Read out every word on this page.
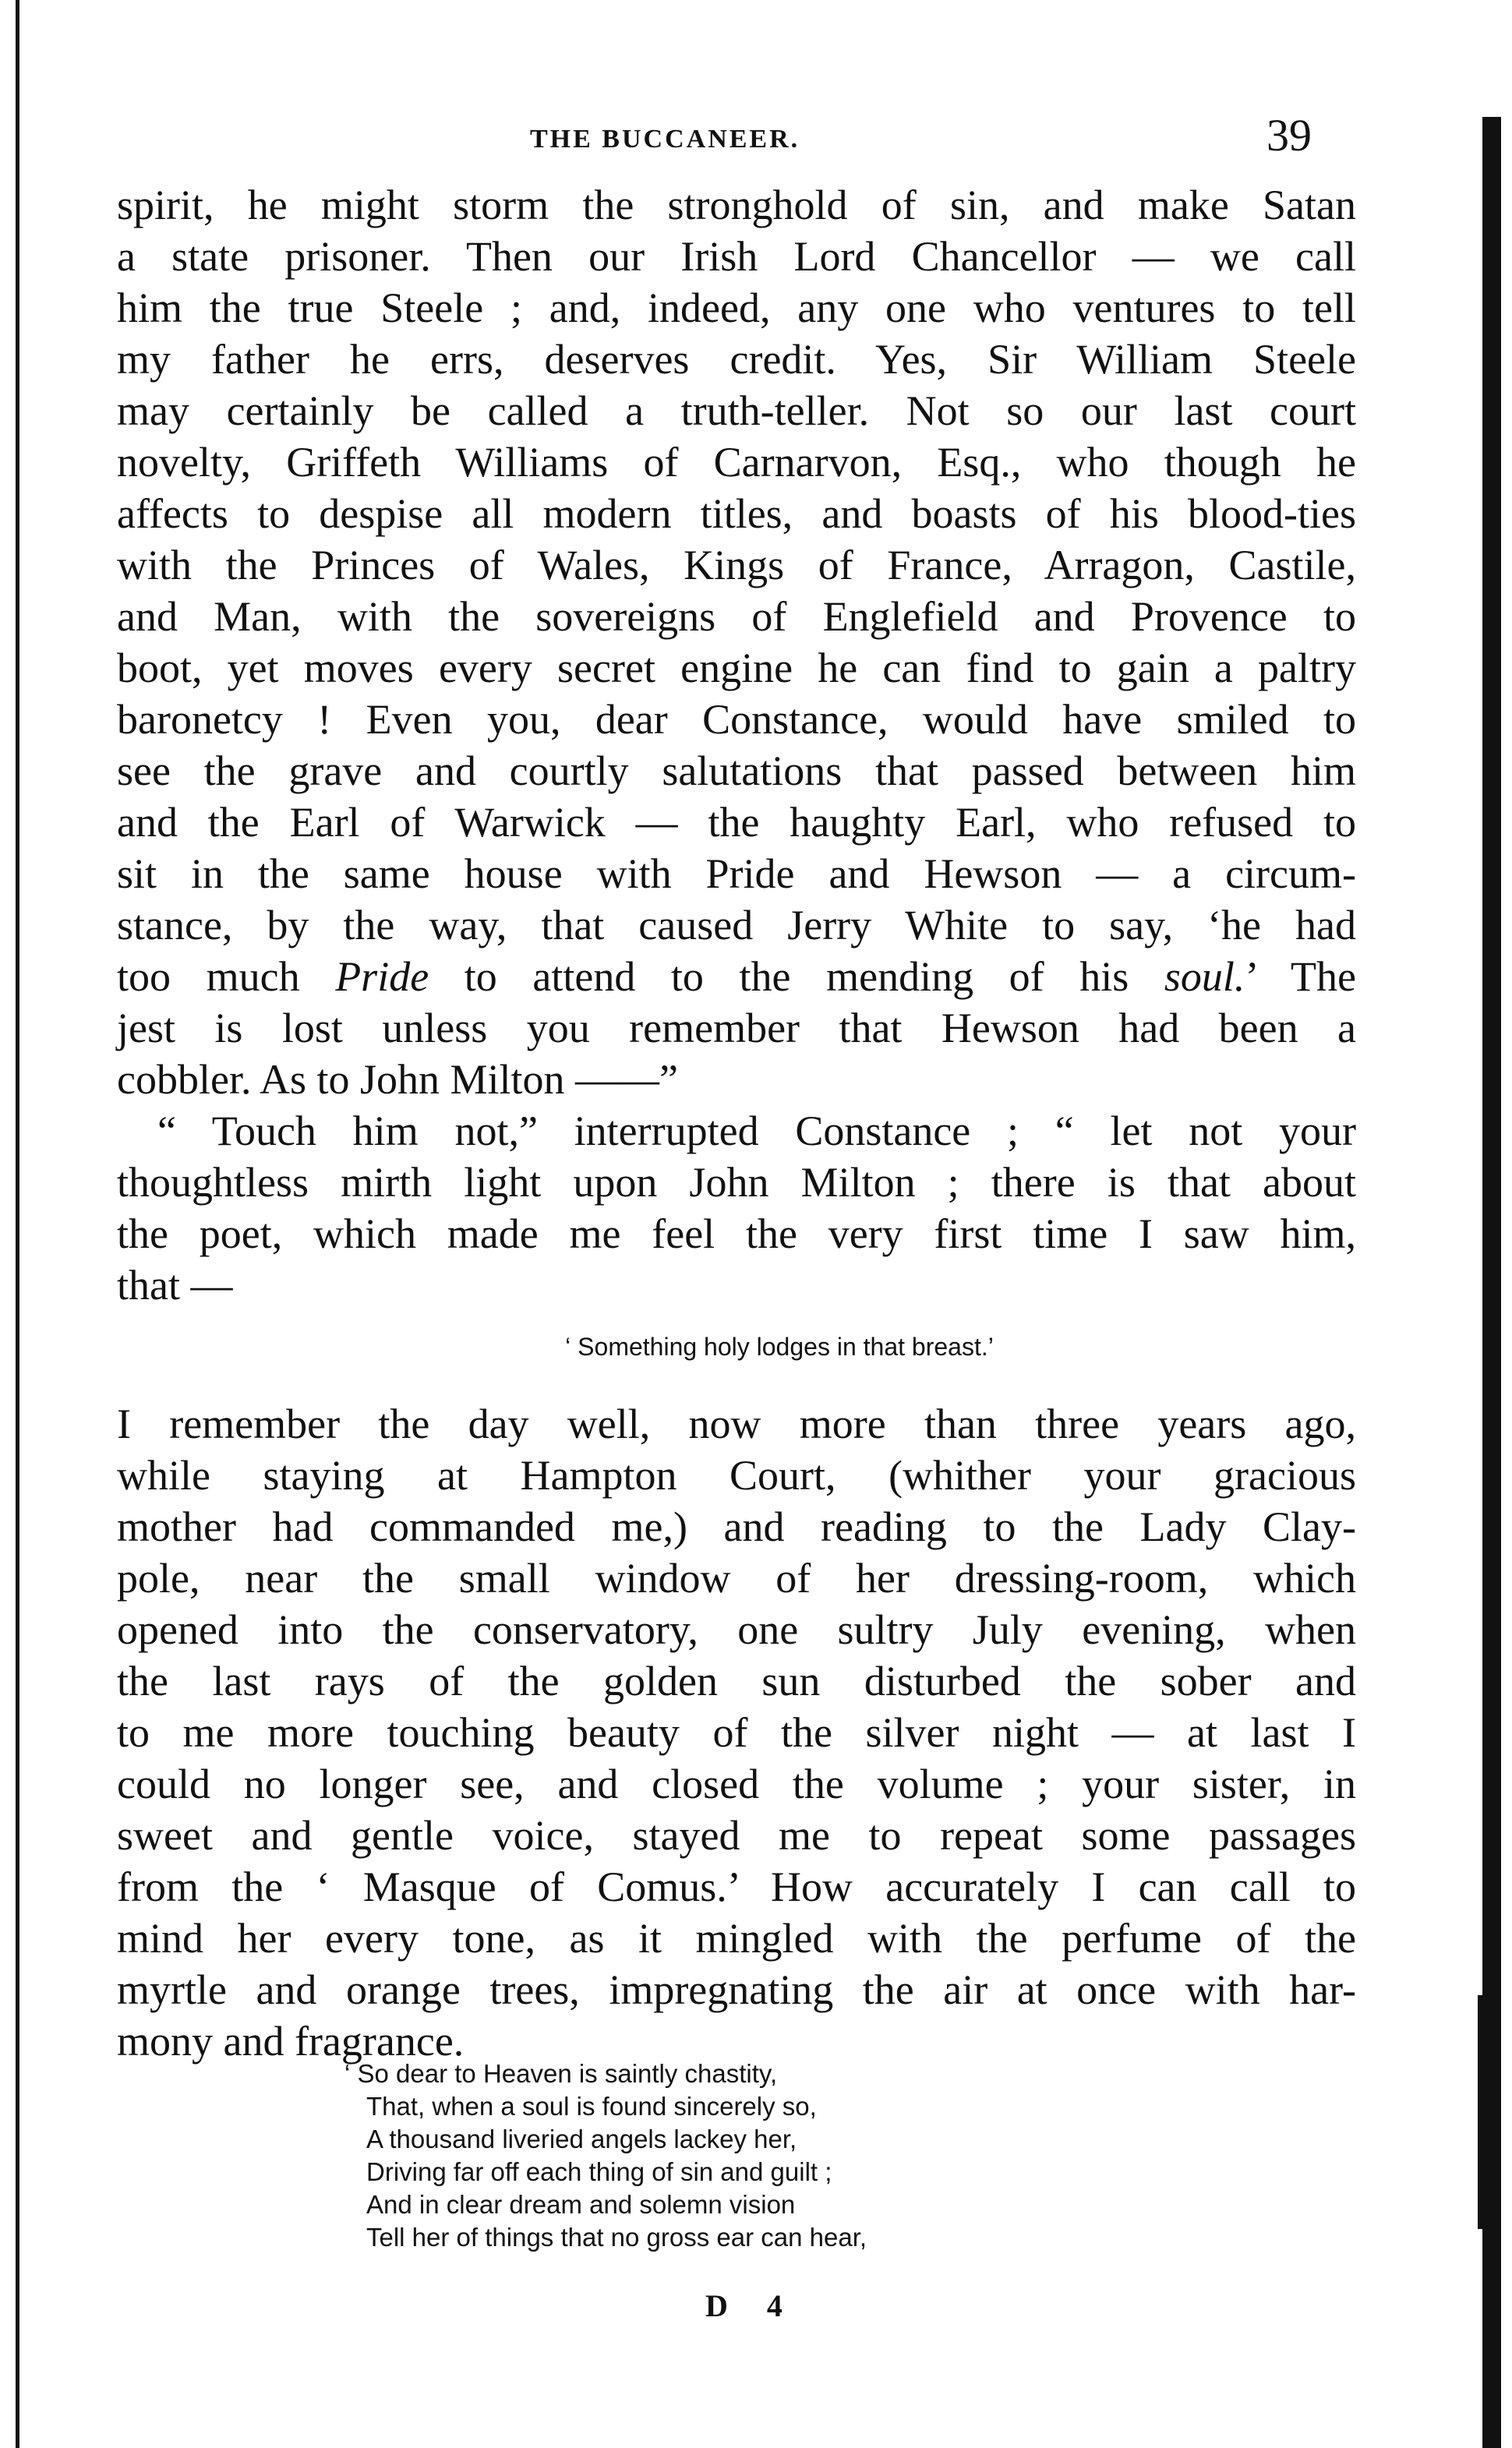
THE BUCCANEER.	39
spirit, he might storm the stronghold of sin, and make Satan
a state prisoner. Then our Irish Lord Chancellor — we call
him the true Steele ; and, indeed, any one who ventures to tell
my father he errs, deserves credit. Yes, Sir William Steele
may certainly be called a truth-teller. Not so our last court
novelty, Griffeth Williams of Carnarvon, Esq., who though he
affects to despise all modern titles, and boasts of his blood-ties
with the Princes of Wales, Kings of France, Arragon, Castile,
and Man, with the sovereigns of Englefield and Provence to
boot, yet moves every secret engine he can find to gain a paltry
baronetcy ! Even you, dear Constance, would have smiled to
see the grave and courtly salutations that passed between him
and the Earl of Warwick — the haughty Earl, who refused to
sit in the same house with Pride and Hewson — a circum-
stance, by the way, that caused Jerry White to say, ‘he had
too much Pride to attend to the mending of his soul.’ The
jest is lost unless you remember that Hewson had been a
cobbler. As to John Milton ——”
“ Touch him not,” interrupted Constance ; “ let not your
thoughtless mirth light upon John Milton ; there is that about
the poet, which made me feel the very first time I saw him,
that —
‘ Something holy lodges in that breast.’
I remember the day well, now more than three years ago,
while staying at Hampton Court, (whither your gracious
mother had commanded me,) and reading to the Lady Clay-
pole, near the small window of her dressing-room, which
opened into the conservatory, one sultry July evening, when
the last rays of the golden sun disturbed the sober and
to me more touching beauty of the silver night — at last I
could no longer see, and closed the volume ; your sister, in
sweet and gentle voice, stayed me to repeat some passages
from the ‘ Masque of Comus.’ How accurately I can call to
mind her every tone, as it mingled with the perfume of the
myrtle and orange trees, impregnating the air at once with har-
mony and fragrance.
‘ So dear to Heaven is saintly chastity,
That, when a soul is found sincerely so,
A thousand liveried angels lackey her,
Driving far off each thing of sin and guilt ;
And in clear dream and solemn vision
Tell her of things that no gross ear can hear,
D 4
